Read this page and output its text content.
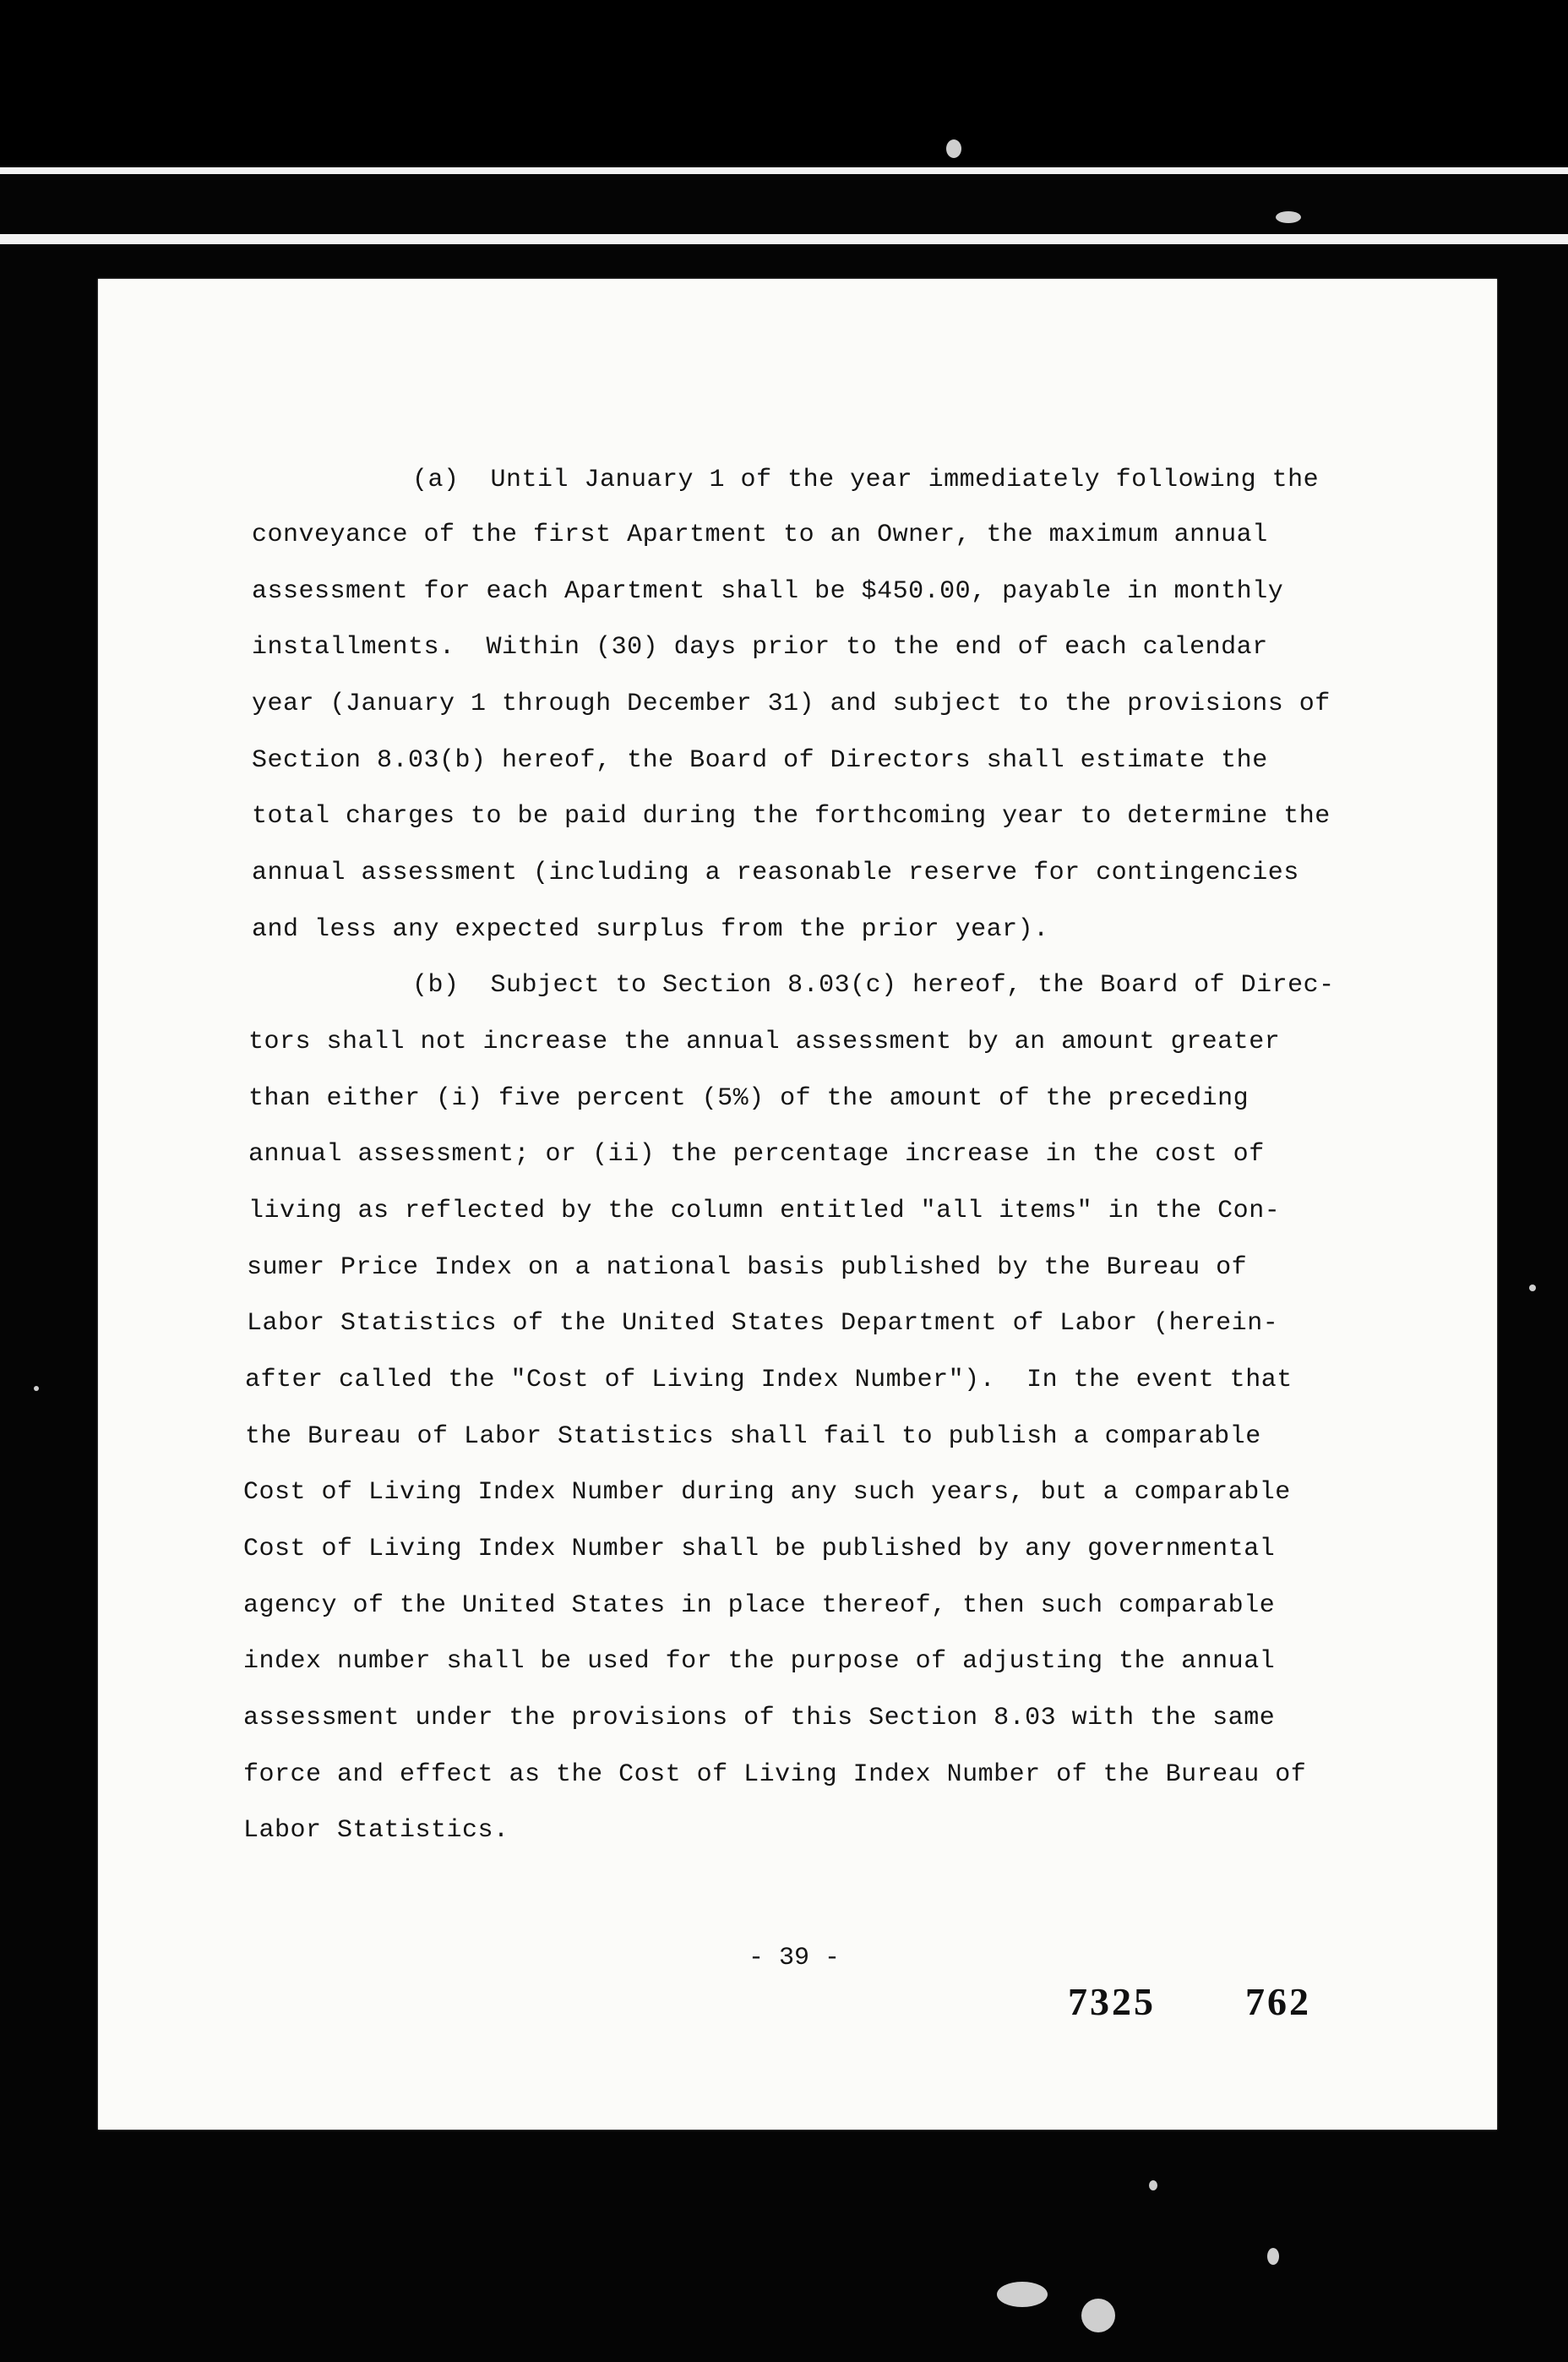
(a)  Until January 1 of the year immediately following the
conveyance of the first Apartment to an Owner, the maximum annual
assessment for each Apartment shall be $450.00, payable in monthly
installments.  Within (30) days prior to the end of each calendar
year (January 1 through December 31) and subject to the provisions of
Section 8.03(b) hereof, the Board of Directors shall estimate the
total charges to be paid during the forthcoming year to determine the
annual assessment (including a reasonable reserve for contingencies
and less any expected surplus from the prior year).
(b)  Subject to Section 8.03(c) hereof, the Board of Direc-
tors shall not increase the annual assessment by an amount greater
than either (i) five percent (5%) of the amount of the preceding
annual assessment; or (ii) the percentage increase in the cost of
living as reflected by the column entitled "all items" in the Con-
sumer Price Index on a national basis published by the Bureau of
Labor Statistics of the United States Department of Labor (herein-
after called the "Cost of Living Index Number").  In the event that
the Bureau of Labor Statistics shall fail to publish a comparable
Cost of Living Index Number during any such years, but a comparable
Cost of Living Index Number shall be published by any governmental
agency of the United States in place thereof, then such comparable
index number shall be used for the purpose of adjusting the annual
assessment under the provisions of this Section 8.03 with the same
force and effect as the Cost of Living Index Number of the Bureau of
Labor Statistics.
- 39 -
7325 762
